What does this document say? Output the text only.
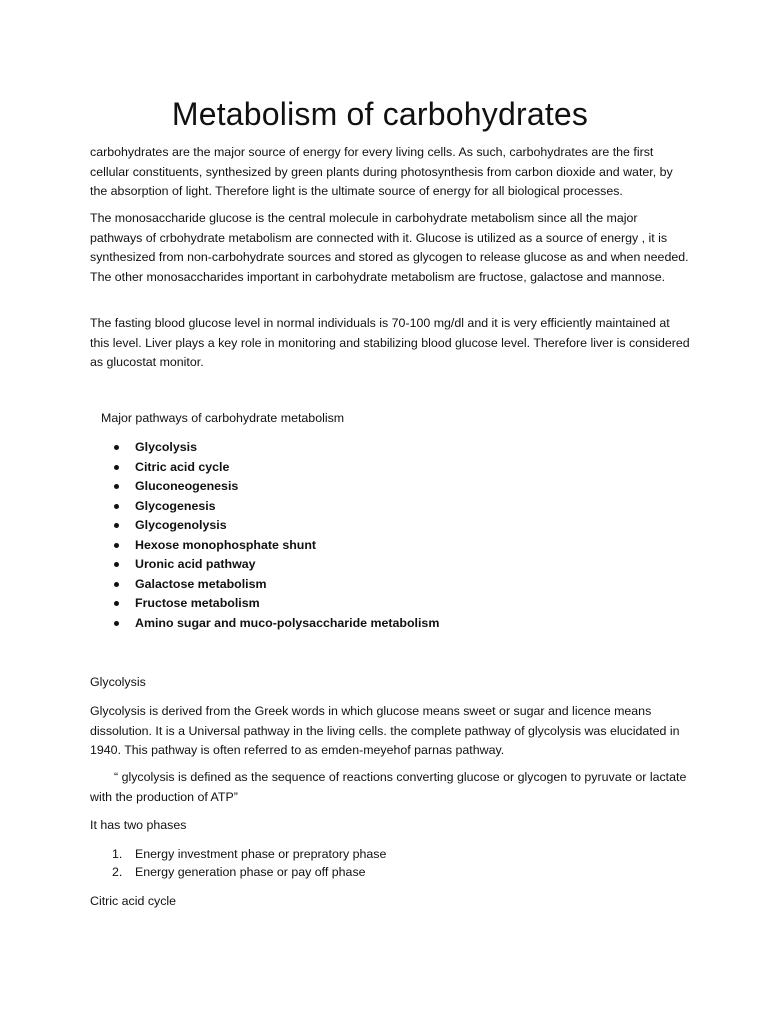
Metabolism of carbohydrates

carbohydrates are the major source of energy for every living cells. As such, carbohydrates are the first cellular constituents, synthesized by green plants during photosynthesis from carbon dioxide and water, by the absorption of light. Therefore light is the ultimate source of energy for all biological processes.

The monosaccharide glucose is the central molecule in carbohydrate metabolism since all the major pathways of crbohydrate metabolism are connected with it. Glucose is utilized as a source of energy , it is synthesized from non-carbohydrate sources and stored as glycogen to release glucose as and when needed. The other monosaccharides important in carbohydrate metabolism are fructose, galactose and mannose.

The fasting blood glucose level in normal individuals is 70-100 mg/dl and it is very efficiently maintained at this level. Liver plays a key role in monitoring and stabilizing blood glucose level. Therefore liver is considered as glucostat monitor.

Major pathways of carbohydrate metabolism

Glycolysis
Citric acid cycle
Gluconeogenesis
Glycogenesis
Glycogenolysis
Hexose monophosphate shunt
Uronic acid pathway
Galactose metabolism
Fructose metabolism
Amino sugar and muco-polysaccharide metabolism

Glycolysis

Glycolysis is derived from the Greek words in which glucose means sweet or sugar and licence means dissolution. It is a Universal pathway in the living cells. the complete pathway of glycolysis was elucidated in 1940. This pathway is often referred to as emden-meyehof parnas pathway.

“ glycolysis is defined as the sequence of reactions converting glucose or glycogen to pyruvate or lactate with the production of ATP”

It has two phases

1. Energy investment phase or prepratory phase
2. Energy generation phase or pay off phase

Citric acid cycle
